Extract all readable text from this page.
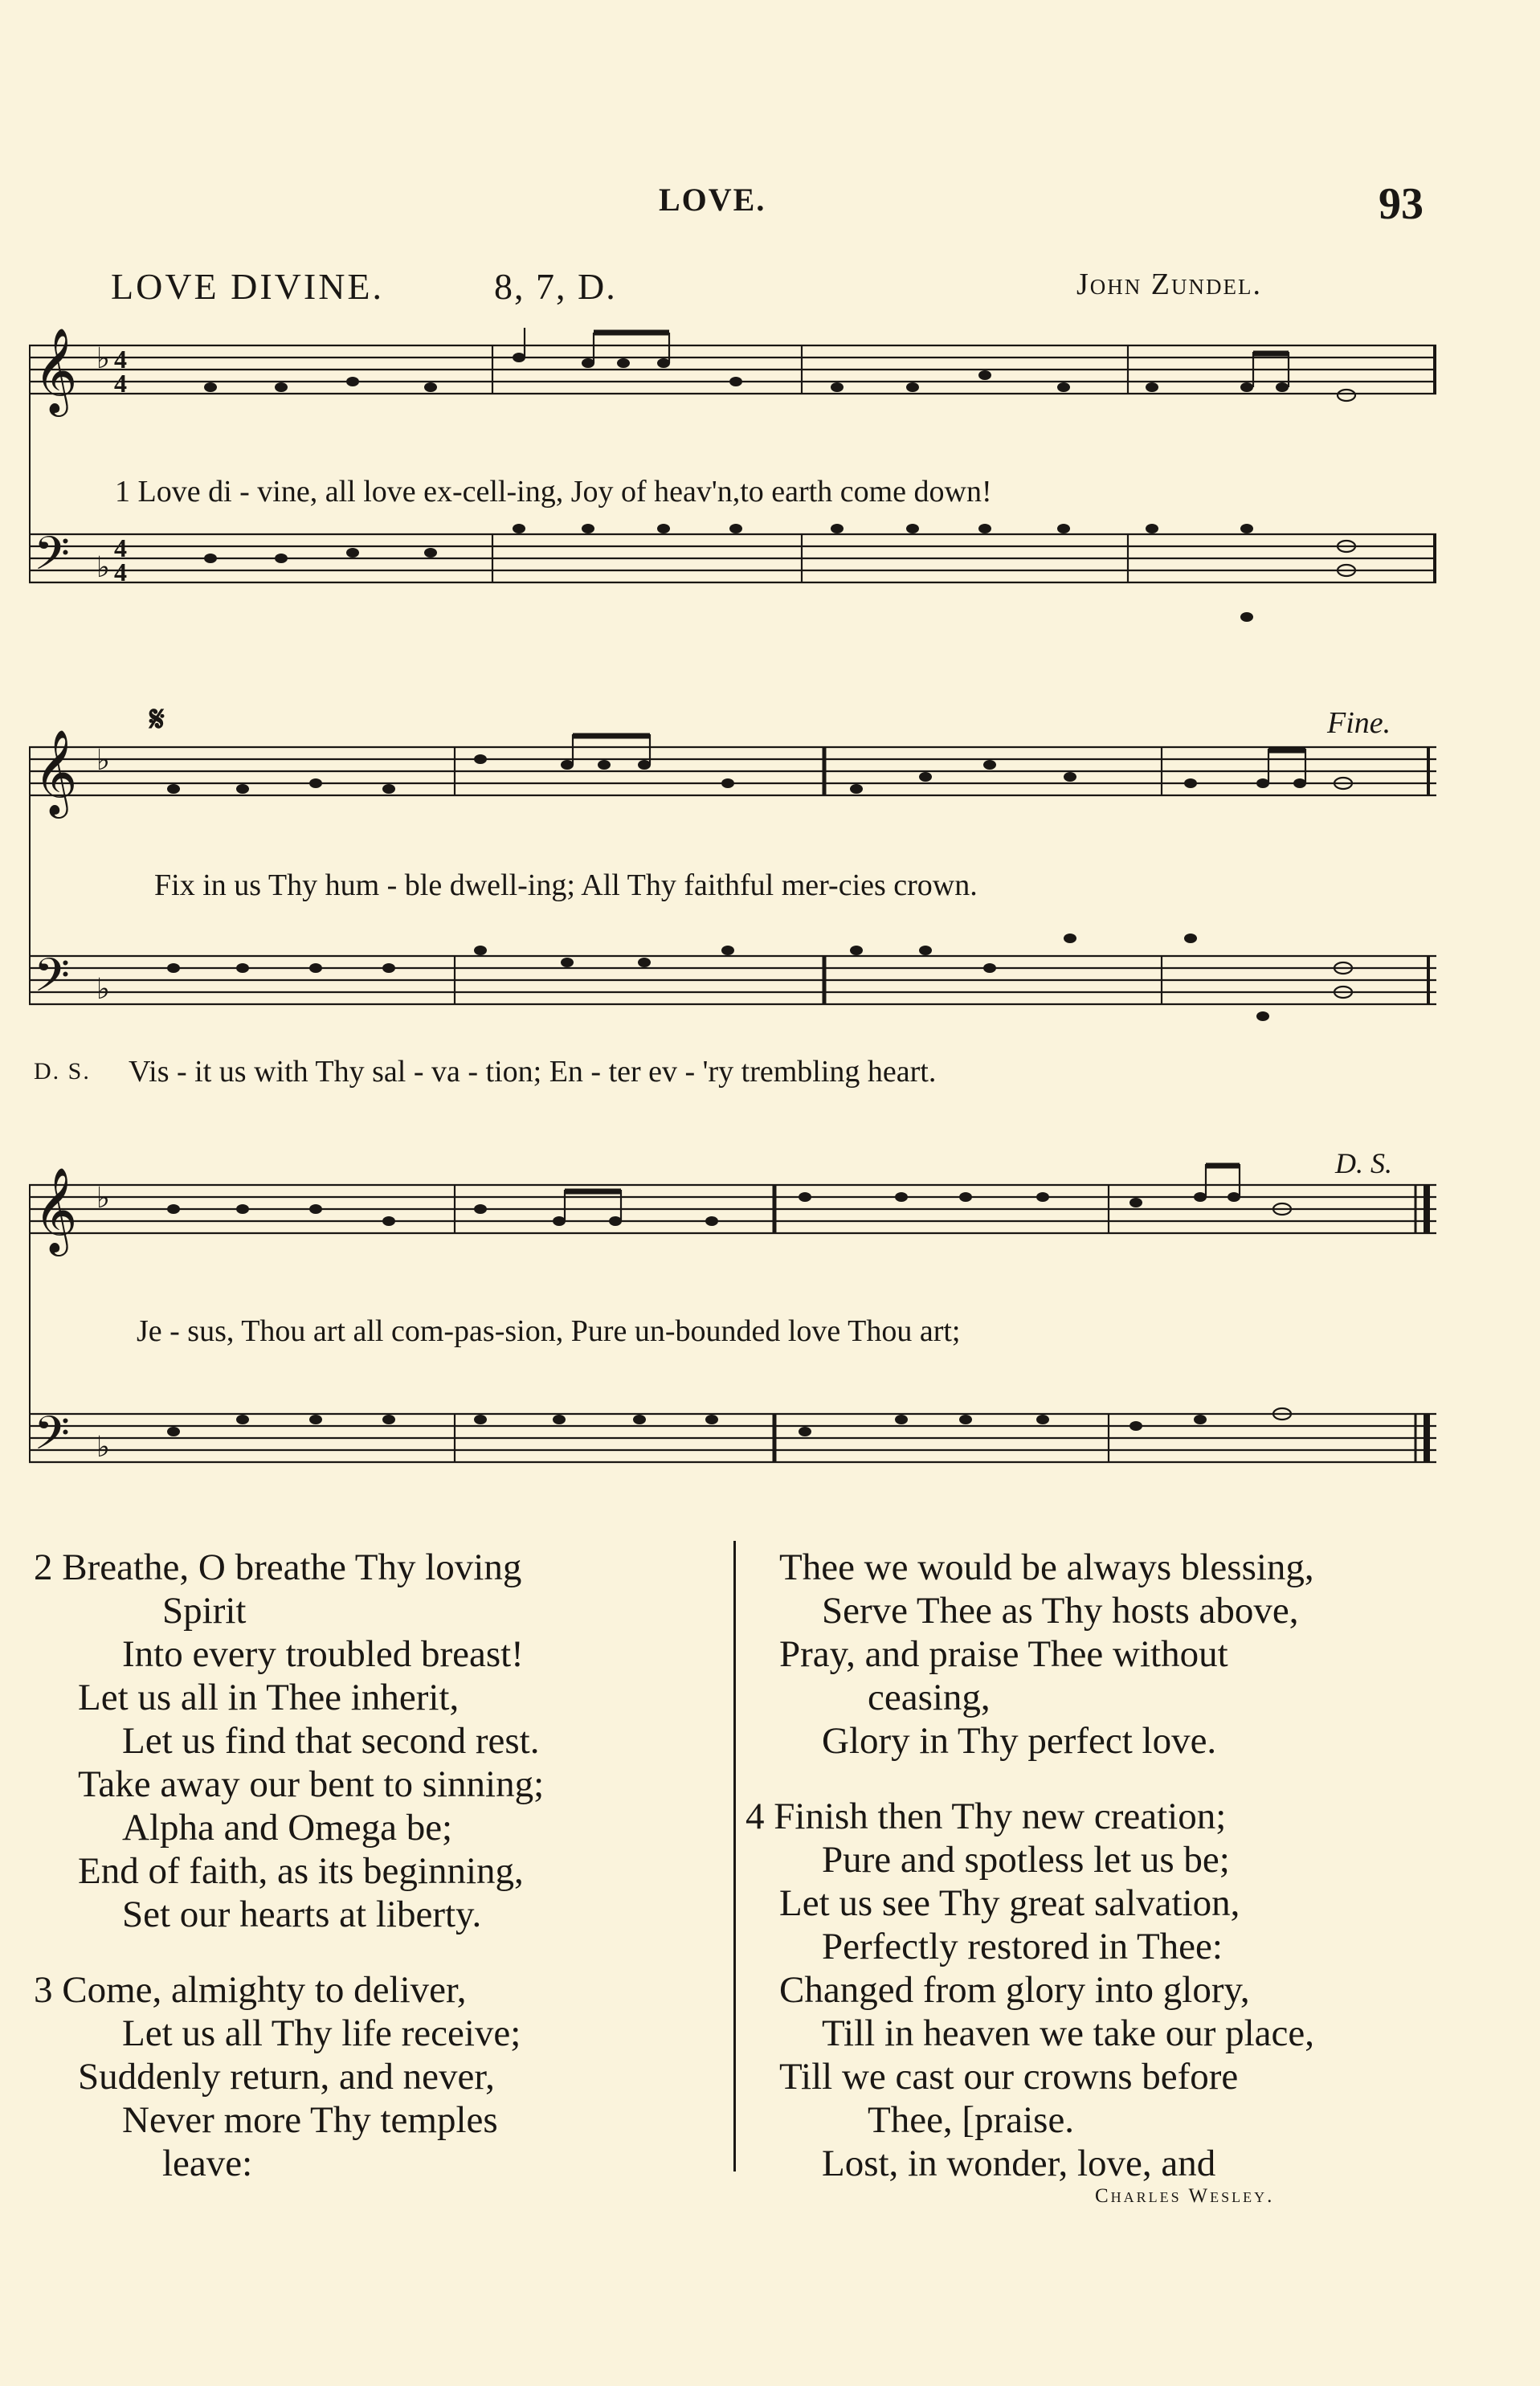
LOVE.	93
LOVE DIVINE.	8, 7, D.	John Zundel.
𝄞
𝄢
♭
♭
4
4
4
4
1 Love di - vine, all love ex-cell-ing, Joy of heav'n,to earth come down!
𝄞
𝄢
♭
♭
𝄋	Fine.
Fix in us Thy hum - ble dwell-ing; All Thy faithful mer-cies crown.
D. S. Vis - it us with Thy sal - va - tion; En - ter ev - 'ry trembling heart.
𝄞
𝄢
♭
♭
D. S.
Je - sus, Thou art all com-pas-sion, Pure un-bounded love Thou art;
2 Breathe, O breathe Thy loving
Spirit
Into every troubled breast!
Let us all in Thee inherit,
Let us find that second rest.
Take away our bent to sinning;
Alpha and Omega be;
End of faith, as its beginning,
Set our hearts at liberty.
3 Come, almighty to deliver,
Let us all Thy life receive;
Suddenly return, and never,
Never more Thy temples
leave:
Thee we would be always blessing,
Serve Thee as Thy hosts above,
Pray, and praise Thee without
ceasing,
Glory in Thy perfect love.
4 Finish then Thy new creation;
Pure and spotless let us be;
Let us see Thy great salvation,
Perfectly restored in Thee:
Changed from glory into glory,
Till in heaven we take our place,
Till we cast our crowns before
Thee, [praise.
Lost, in wonder, love, and
Charles Wesley.
